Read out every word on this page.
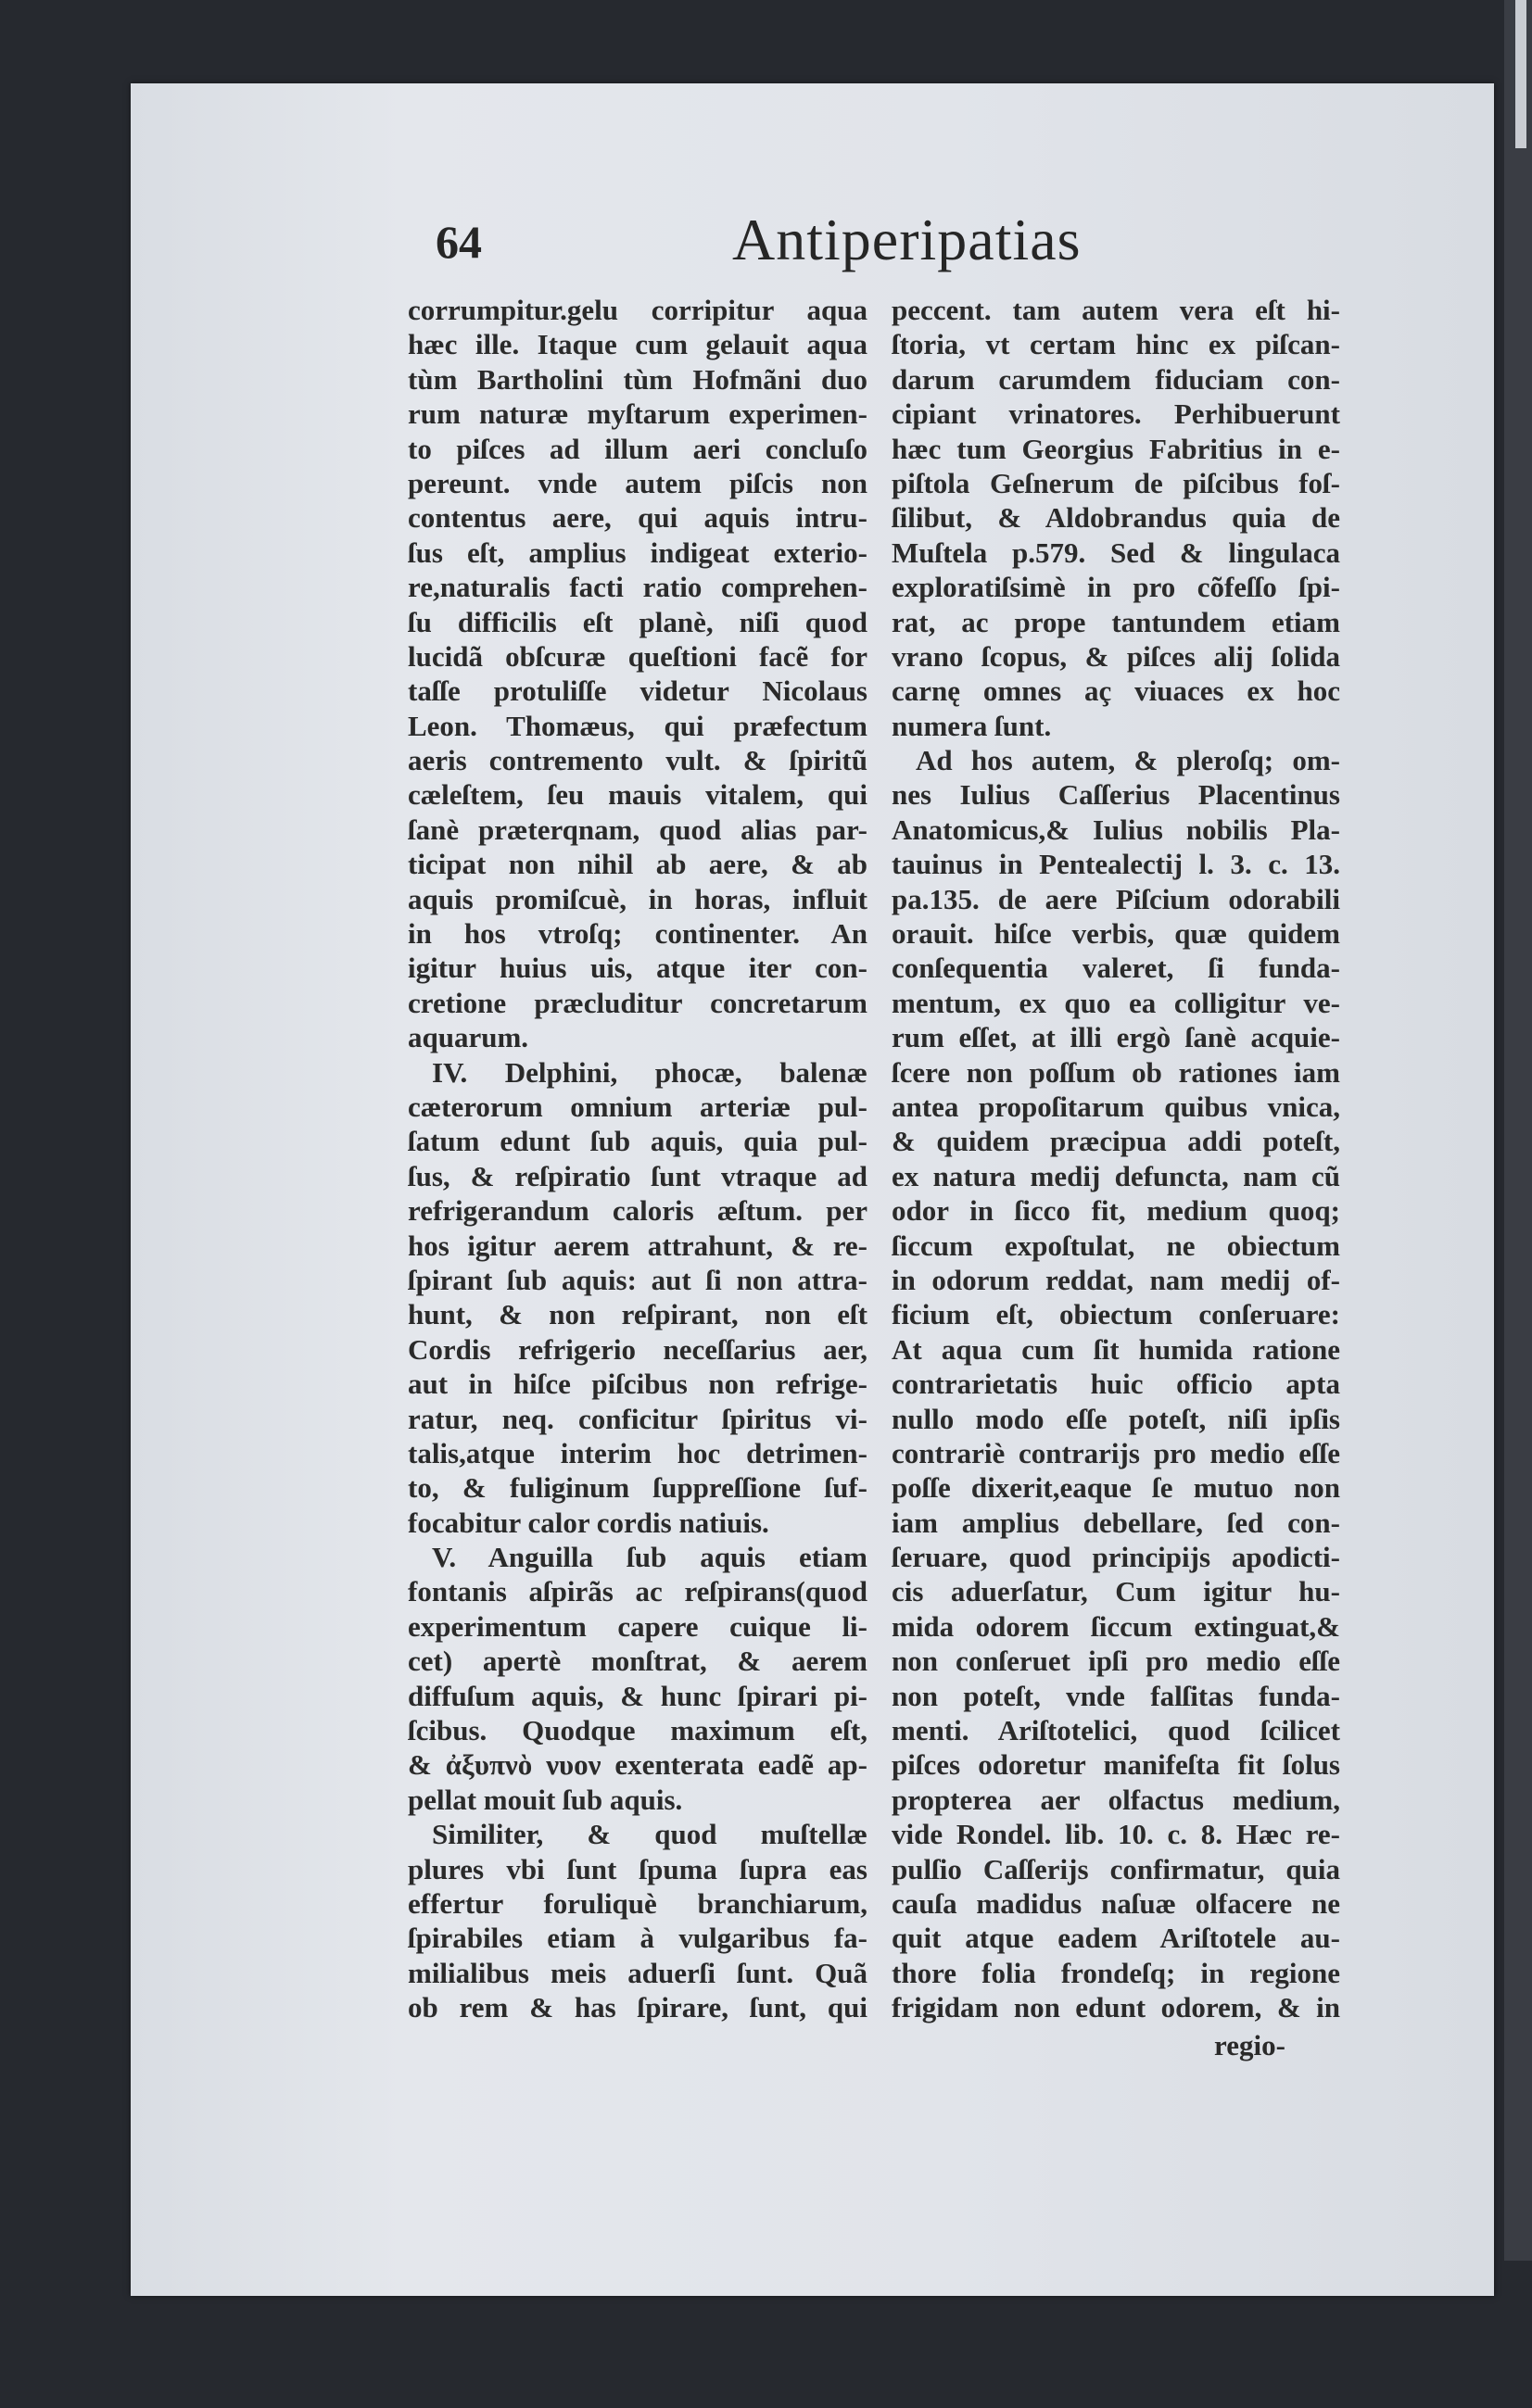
64	Antiperipatias
corrumpitur.gelu corripitur aqua
hæc ille. Itaque cum gelauit aqua
tùm Bartholini tùm Hofmãni duo
rum naturæ myſtarum experimen-
to piſces ad illum aeri concluſo
pereunt. vnde autem piſcis non
contentus aere, qui aquis intru-
ſus eſt, amplius indigeat exterio-
re,naturalis facti ratio comprehen-
ſu difficilis eſt planè, niſi quod
lucidã obſcuræ queſtioni facẽ for
taſſe protuliſſe videtur Nicolaus
Leon. Thomæus, qui præfectum
aeris contremento vult. & ſpiritũ
cæleſtem, ſeu mauis vitalem, qui
ſanè præterqnam, quod alias par-
ticipat non nihil ab aere, & ab
aquis promiſcuè, in horas, influit
in hos vtroſq; continenter. An
igitur huius uis, atque iter con-
cretione præcluditur concretarum
aquarum.
IV. Delphini, phocæ, balenæ
cæterorum omnium arteriæ pul-
ſatum edunt ſub aquis, quia pul-
ſus, & reſpiratio ſunt vtraque ad
refrigerandum caloris æſtum. per
hos igitur aerem attrahunt, & re-
ſpirant ſub aquis: aut ſi non attra-
hunt, & non reſpirant, non eſt
Cordis refrigerio neceſſarius aer,
aut in hiſce piſcibus non refrige-
ratur, neq. conficitur ſpiritus vi-
talis,atque interim hoc detrimen-
to, & fuliginum ſuppreſſione ſuf-
focabitur calor cordis natiuis.
V. Anguilla ſub aquis etiam
fontanis aſpirãs ac reſpirans(quod
experimentum capere cuique li-
cet) apertè monſtrat, & aerem
diffuſum aquis, & hunc ſpirari pi-
ſcibus. Quodque maximum eſt,
& ἀξυπνὸ νυον exenterata eadẽ ap-
pellat mouit ſub aquis.
Similiter, & quod muſtellæ
plures vbi ſunt ſpuma ſupra eas
effertur foruliquè branchiarum,
ſpirabiles etiam à vulgaribus fa-
milialibus meis aduerſi ſunt. Quã
ob rem & has ſpirare, ſunt, qui
peccent. tam autem vera eſt hi-
ſtoria, vt certam hinc ex piſcan-
darum carumdem fiduciam con-
cipiant vrinatores. Perhibuerunt
hæc tum Georgius Fabritius in e-
piſtola Geſnerum de piſcibus foſ-
ſilibut, & Aldobrandus quia de
Muſtela p.579. Sed & lingulaca
exploratiſsimè in pro cõfeſſo ſpi-
rat, ac prope tantundem etiam
vrano ſcopus, & piſces alij ſolida
carnę omnes aç viuaces ex hoc
numera ſunt.
Ad hos autem, & pleroſq; om-
nes Iulius Caſſerius Placentinus
Anatomicus,& Iulius nobilis Pla-
tauinus in Pentealectij l. 3. c. 13.
pa.135. de aere Piſcium odorabili
orauit. hiſce verbis, quæ quidem
conſequentia valeret, ſi funda-
mentum, ex quo ea colligitur ve-
rum eſſet, at illi ergò ſanè acquie-
ſcere non poſſum ob rationes iam
antea propoſitarum quibus vnica,
& quidem præcipua addi poteſt,
ex natura medij defuncta, nam cũ
odor in ſicco fit, medium quoq;
ſiccum expoſtulat, ne obiectum
in odorum reddat, nam medij of-
ficium eſt, obiectum conſeruare:
At aqua cum ſit humida ratione
contrarietatis huic officio apta
nullo modo eſſe poteſt, niſi ipſis
contrariè contrarijs pro medio eſſe
poſſe dixerit,eaque ſe mutuo non
iam amplius debellare, ſed con-
ſeruare, quod principijs apodicti-
cis aduerſatur, Cum igitur hu-
mida odorem ſiccum extinguat,&
non conſeruet ipſi pro medio eſſe
non poteſt, vnde falſitas funda-
menti. Ariſtotelici, quod ſcilicet
piſces odoretur manifeſta fit ſolus
propterea aer olfactus medium,
vide Rondel. lib. 10. c. 8. Hæc re-
pulſio Caſſerijs confirmatur, quia
cauſa madidus naſuæ olfacere ne
quit atque eadem Ariſtotele au-
thore folia frondeſq; in regione
frigidam non edunt odorem, & in
regio-
